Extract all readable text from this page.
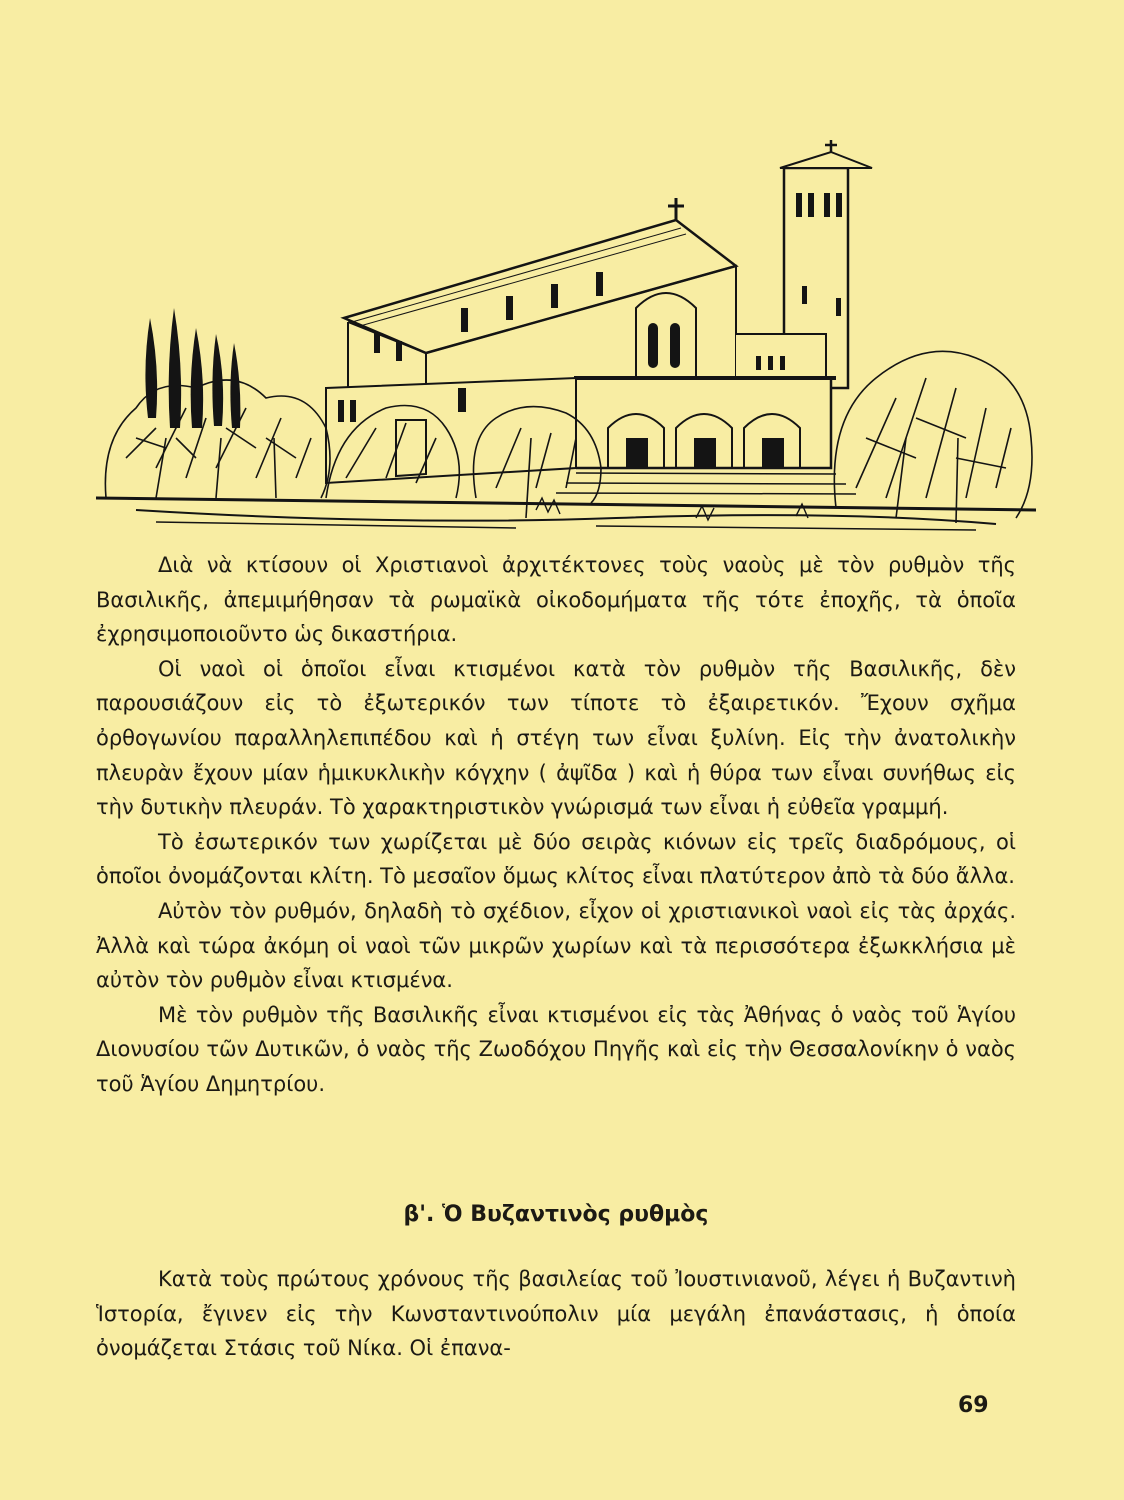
Διὰ νὰ κτίσουν οἱ Χριστιανοὶ ἀρχιτέκτονες τοὺς ναοὺς μὲ τὸν ρυθμὸν τῆς Βασιλικῆς, ἀπεμιμήθησαν τὰ ρωμαϊκὰ οἰκοδομήματα τῆς τότε ἐποχῆς, τὰ ὁποῖα ἐχρησιμοποιοῦντο ὡς δικαστήρια.

Οἱ ναοὶ οἱ ὁποῖοι εἶναι κτισμένοι κατὰ τὸν ρυθμὸν τῆς Βασιλικῆς, δὲν παρουσιάζουν εἰς τὸ ἐξωτερικόν των τίποτε τὸ ἐξαιρετικόν. Ἔχουν σχῆμα ὀρθογωνίου παραλληλεπιπέδου καὶ ἡ στέγη των εἶναι ξυλίνη. Εἰς τὴν ἀνατολικὴν πλευρὰν ἔχουν μίαν ἡμικυκλικὴν κόγχην ( ἀψῖδα ) καὶ ἡ θύρα των εἶναι συνήθως εἰς τὴν δυτικὴν πλευράν. Τὸ χαρακτηριστικὸν γνώρισμά των εἶναι ἡ εὐθεῖα γραμμή.

Τὸ ἐσωτερικόν των χωρίζεται μὲ δύο σειρὰς κιόνων εἰς τρεῖς διαδρόμους, οἱ ὁποῖοι ὀνομάζονται κλίτη. Τὸ μεσαῖον ὅμως κλίτος εἶναι πλατύτερον ἀπὸ τὰ δύο ἄλλα.

Αὐτὸν τὸν ρυθμόν, δηλαδὴ τὸ σχέδιον, εἶχον οἱ χριστιανικοὶ ναοὶ εἰς τὰς ἀρχάς. Ἀλλὰ καὶ τώρα ἀκόμη οἱ ναοὶ τῶν μικρῶν χωρίων καὶ τὰ περισσότερα ἐξωκκλήσια μὲ αὐτὸν τὸν ρυθμὸν εἶναι κτισμένα.

Μὲ τὸν ρυθμὸν τῆς Βασιλικῆς εἶναι κτισμένοι εἰς τὰς Ἀθήνας ὁ ναὸς τοῦ Ἁγίου Διονυσίου τῶν Δυτικῶν, ὁ ναὸς τῆς Ζωοδόχου Πηγῆς καὶ εἰς τὴν Θεσσαλονίκην ὁ ναὸς τοῦ Ἁγίου Δημητρίου.

β'. Ὁ Βυζαντινὸς ρυθμὸς

Κατὰ τοὺς πρώτους χρόνους τῆς βασιλείας τοῦ Ἰουστινιανοῦ, λέγει ἡ Βυζαντινὴ Ἱστορία, ἔγινεν εἰς τὴν Κωνσταντινούπολιν μία μεγάλη ἐπανάστασις, ἡ ὁποία ὀνομάζεται Στάσις τοῦ Νίκα. Οἱ ἐπανα-

69
